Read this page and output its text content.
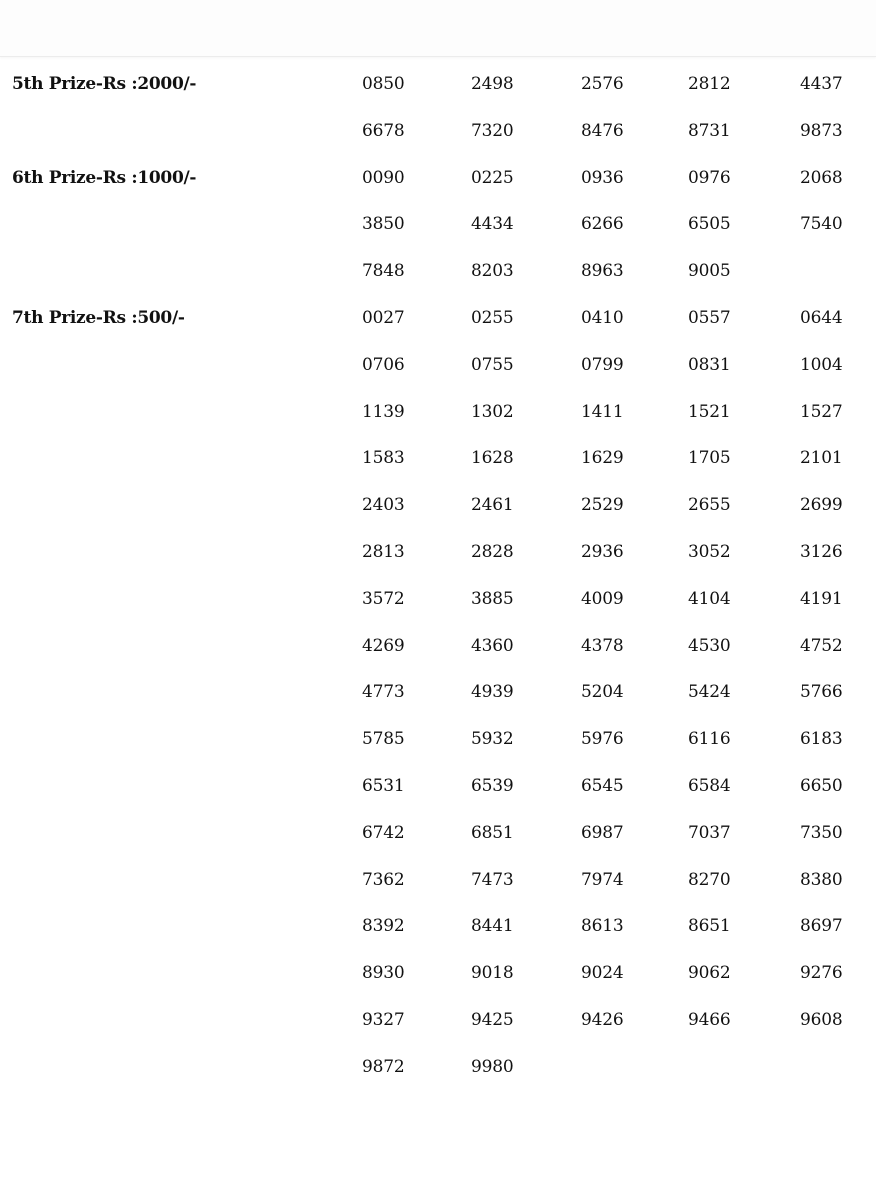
5th Prize-Rs :2000/-	0850	2498	2576	2812	4437
6678	7320	8476	8731	9873
6th Prize-Rs :1000/-	0090	0225	0936	0976	2068
3850	4434	6266	6505	7540
7848	8203	8963	9005
7th Prize-Rs :500/-	0027	0255	0410	0557	0644
0706	0755	0799	0831	1004
1139	1302	1411	1521	1527
1583	1628	1629	1705	2101
2403	2461	2529	2655	2699
2813	2828	2936	3052	3126
3572	3885	4009	4104	4191
4269	4360	4378	4530	4752
4773	4939	5204	5424	5766
5785	5932	5976	6116	6183
6531	6539	6545	6584	6650
6742	6851	6987	7037	7350
7362	7473	7974	8270	8380
8392	8441	8613	8651	8697
8930	9018	9024	9062	9276
9327	9425	9426	9466	9608
9872	9980
